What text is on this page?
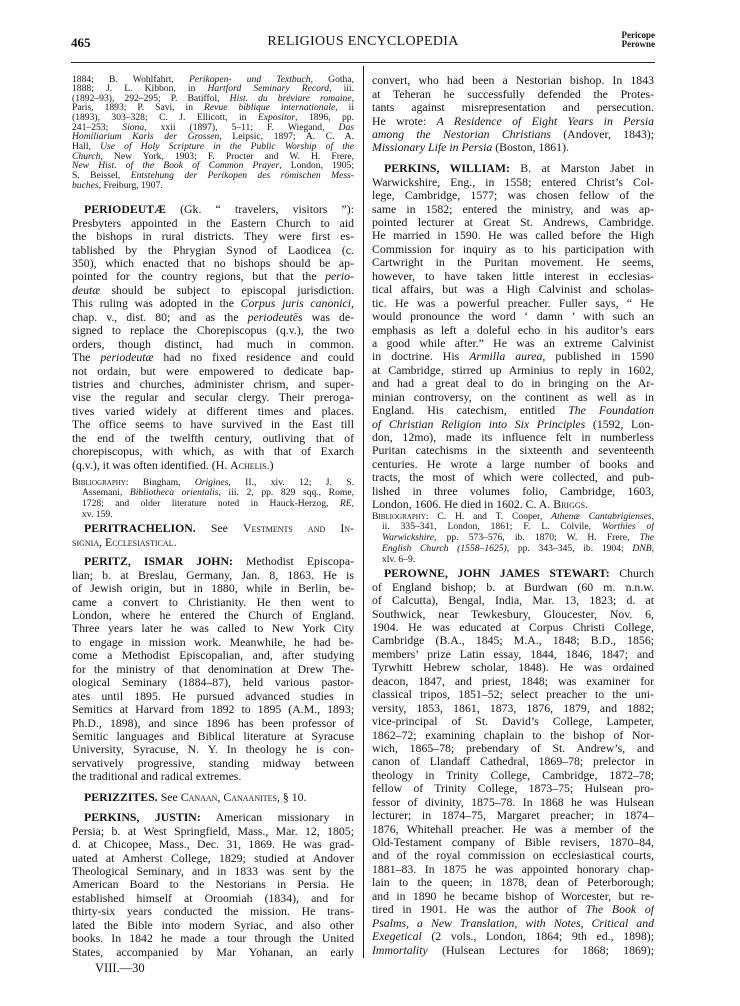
465	RELIGIOUS ENCYCLOPEDIA	Pericope
Perowne
1884; B. Wohlfahrt, Perikopen- und Textbuch, Gotha,
1888; J. L. Kibbon, in Hartford Seminary Record, iii.
(1892–93), 292–295; P. Batiffol, Hist. du bréviare romaine,
Paris, 1893; P. Savi, in Revue biblique internationale, ii
(1893), 303–328; C. J. Ellicott, in Expositor, 1896, pp.
241–253; Siona, xxii (1897), 5–11; F. Wiegand, Das
Homiliarium Karls der Grossen, Leipsic, 1897; A. C. A.
Hall, Use of Holy Scripture in the Public Worship of the
Church, New York, 1903; F. Procter and W. H. Frere,
New Hist. of the Book of Common Prayer, London, 1905;
S. Beissel, Entstehung der Perikopen des römischen Mess-
buches, Freiburg, 1907.
PERIODEUTÆ (Gk. “ travelers, visitors ”):
Presbyters appointed in the Eastern Church to aid
the bishops in rural districts. They were first es-
tablished by the Phrygian Synod of Laodicea (c.
350), which enacted that no bishops should be ap-
pointed for the country regions, but that the perio-
deutæ should be subject to episcopal jurisdiction.
This ruling was adopted in the Corpus juris canonici,
chap. v., dist. 80; and as the periodeutēs was de-
signed to replace the Chorepiscopus (q.v.), the two
orders, though distinct, had much in common.
The periodeutæ had no fixed residence and could
not ordain, but were empowered to dedicate bap-
tistries and churches, administer chrism, and super-
vise the regular and secular clergy. Their preroga-
tives varied widely at different times and places.
The office seems to have survived in the East till
the end of the twelfth century, outliving that of
chorepiscopus, with which, as with that of Exarch
(q.v.), it was often identified. (H. Achelis.)
Bibliography: Bingham, Origines, II., xiv. 12; J. S.
Assemani, Bibliotheca orientalis, iii. 2, pp. 829 sqq., Rome,
1728; and older literature noted in Hauck-Herzog, RE,
xv. 159.
PERITRACHELION. See Vestments and In-
signia, Ecclesiastical.
PERITZ, ISMAR JOHN: Methodist Episcopa-
lian; b. at Breslau, Germany, Jan. 8, 1863. He is
of Jewish origin, but in 1880, while in Berlin, be-
came a convert to Christianity. He then went to
London, where he entered the Church of England.
Three years later he was called to New York City
to engage in mission work. Meanwhile, he had be-
come a Methodist Episcopalian, and, after studying
for the ministry of that denomination at Drew The-
ological Seminary (1884–87), held various pastor-
ates until 1895. He pursued advanced studies in
Semitics at Harvard from 1892 to 1895 (A.M., 1893;
Ph.D., 1898), and since 1896 has been professor of
Semitic languages and Biblical literature at Syracuse
University, Syracuse, N. Y. In theology he is con-
servatively progressive, standing midway between
the traditional and radical extremes.
PERIZZITES. See Canaan, Canaanites, § 10.
PERKINS, JUSTIN: American missionary in
Persia; b. at West Springfield, Mass., Mar. 12, 1805;
d. at Chicopee, Mass., Dec. 31, 1869. He was grad-
uated at Amherst College, 1829; studied at Andover
Theological Seminary, and in 1833 was sent by the
American Board to the Nestorians in Persia. He
established himself at Oroomiah (1834), and for
thirty-six years conducted the mission. He trans-
lated the Bible into modern Syriac, and also other
books. In 1842 he made a tour through the United
States, accompanied by Mar Yohanan, an early
convert, who had been a Nestorian bishop. In 1843
at Teheran he successfully defended the Protes-
tants against misrepresentation and persecution.
He wrote: A Residence of Eight Years in Persia
among the Nestorian Christians (Andover, 1843);
Missionary Life in Persia (Boston, 1861).
PERKINS, WILLIAM: B. at Marston Jabet in
Warwickshire, Eng., in 1558; entered Christ’s Col-
lege, Cambridge, 1577; was chosen fellow of the
same in 1582; entered the ministry, and was ap-
pointed lecturer at Great St. Andrews, Cambridge.
He married in 1590. He was called before the High
Commission for inquiry as to his participation with
Cartwright in the Puritan movement. He seems,
however, to have taken little interest in ecclesias-
tical affairs, but was a High Calvinist and scholas-
tic. He was a powerful preacher. Fuller says, “ He
would pronounce the word ‘ damn ’ with such an
emphasis as left a doleful echo in his auditor’s ears
a good while after.” He was an extreme Calvinist
in doctrine. His Armilla aurea, published in 1590
at Cambridge, stirred up Arminius to reply in 1602,
and had a great deal to do in bringing on the Ar-
minian controversy, on the continent as well as in
England. His catechism, entitled The Foundation
of Christian Religion into Six Principles (1592, Lon-
don, 12mo), made its influence felt in numberless
Puritan catechisms in the sixteenth and seventeenth
centuries. He wrote a large number of books and
tracts, the most of which were collected, and pub-
lished in three volumes folio, Cambridge, 1603,
London, 1606. He died in 1602. C. A. Briggs.
Bibliography: C. H. and T. Cooper, Athenæ Cantabrigienses,
ii. 335–341, London, 1861; F. L. Colvile, Worthies of
Warwickshire, pp. 573–576, ib. 1870; W. H. Frere, The
English Church (1558–1625), pp. 343–345, ib. 1904; DNB,
xlv. 6–9.
PEROWNE, JOHN JAMES STEWART: Church
of England bishop; b. at Burdwan (60 m. n.n.w.
of Calcutta), Bengal, India, Mar. 13, 1823; d. at
Southwick, near Tewkesbury, Gloucester, Nov. 6,
1904. He was educated at Corpus Christi College,
Cambridge (B.A., 1845; M.A., 1848; B.D., 1856;
members’ prize Latin essay, 1844, 1846, 1847; and
Tyrwhitt Hebrew scholar, 1848). He was ordained
deacon, 1847, and priest, 1848; was examiner for
classical tripos, 1851–52; select preacher to the uni-
versity, 1853, 1861, 1873, 1876, 1879, and 1882;
vice-principal of St. David’s College, Lampeter,
1862–72; examining chaplain to the bishop of Nor-
wich, 1865–78; prebendary of St. Andrew’s, and
canon of Llandaff Cathedral, 1869–78; prelector in
theology in Trinity College, Cambridge, 1872–78;
fellow of Trinity College, 1873–75; Hulsean pro-
fessor of divinity, 1875–78. In 1868 he was Hulsean
lecturer; in 1874–75, Margaret preacher; in 1874–
1876, Whitehall preacher. He was a member of the
Old-Testament company of Bible revisers, 1870–84,
and of the royal commission on ecclesiastical courts,
1881–83. In 1875 he was appointed honorary chap-
lain to the queen; in 1878, dean of Peterborough;
and in 1890 he became bishop of Worcester, but re-
tired in 1901. He was the author of The Book of
Psalms, a New Translation, with Notes, Critical and
Exegetical (2 vols., London, 1864; 9th ed., 1898);
Immortality (Hulsean Lectures for 1868; 1869);
VIII.—30
